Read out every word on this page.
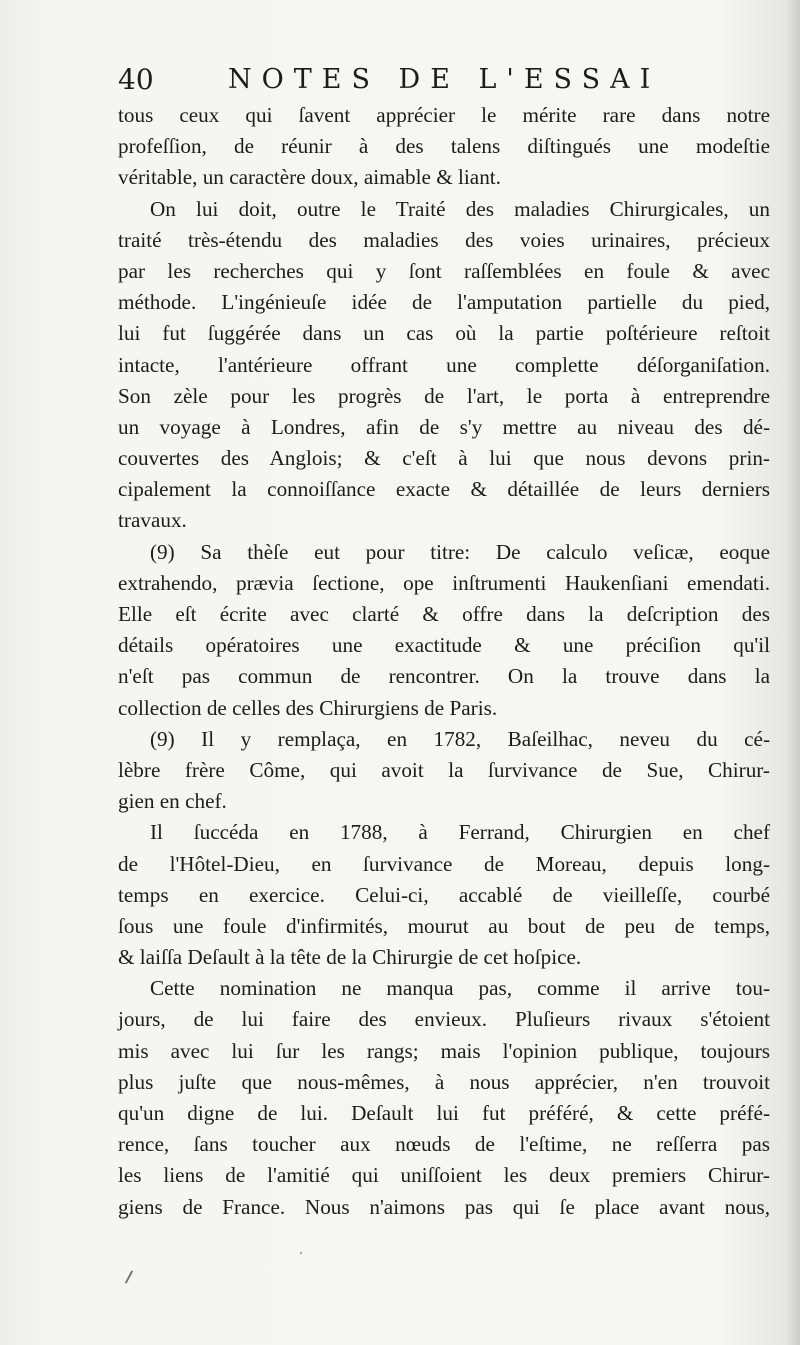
40	NOTES DE L'ESSAI
tous ceux qui ſavent apprécier le mérite rare dans notre
profeſſion, de réunir à des talens diſtingués une modeſtie
véritable, un caractère doux, aimable & liant.
On lui doit, outre le Traité des maladies Chirurgicales, un
traité très-étendu des maladies des voies urinaires, précieux
par les recherches qui y ſont raſſemblées en foule & avec
méthode. L'ingénieuſe idée de l'amputation partielle du pied,
lui fut ſuggérée dans un cas où la partie poſtérieure reſtoit
intacte, l'antérieure offrant une complette déſorganiſation.
Son zèle pour les progrès de l'art, le porta à entreprendre
un voyage à Londres, afin de s'y mettre au niveau des dé-
couvertes des Anglois; & c'eſt à lui que nous devons prin-
cipalement la connoiſſance exacte & détaillée de leurs derniers
travaux.
(9) Sa thèſe eut pour titre: De calculo veſicæ, eoque
extrahendo, prævia ſectione, ope inſtrumenti Haukenſiani emendati.
Elle eſt écrite avec clarté & offre dans la deſcription des
détails opératoires une exactitude & une préciſion qu'il
n'eſt pas commun de rencontrer. On la trouve dans la
collection de celles des Chirurgiens de Paris.
(9) Il y remplaça, en 1782, Baſeilhac, neveu du cé-
lèbre frère Côme, qui avoit la ſurvivance de Sue, Chirur-
gien en chef.
Il ſuccéda en 1788, à Ferrand, Chirurgien en chef
de l'Hôtel-Dieu, en ſurvivance de Moreau, depuis long-
temps en exercice. Celui-ci, accablé de vieilleſſe, courbé
ſous une foule d'infirmités, mourut au bout de peu de temps,
& laiſſa Deſault à la tête de la Chirurgie de cet hoſpice.
Cette nomination ne manqua pas, comme il arrive tou-
jours, de lui faire des envieux. Pluſieurs rivaux s'étoient
mis avec lui ſur les rangs; mais l'opinion publique, toujours
plus juſte que nous-mêmes, à nous apprécier, n'en trouvoit
qu'un digne de lui. Deſault lui fut préféré, & cette préfé-
rence, ſans toucher aux nœuds de l'eſtime, ne reſſerra pas
les liens de l'amitié qui uniſſoient les deux premiers Chirur-
giens de France. Nous n'aimons pas qui ſe place avant nous,
